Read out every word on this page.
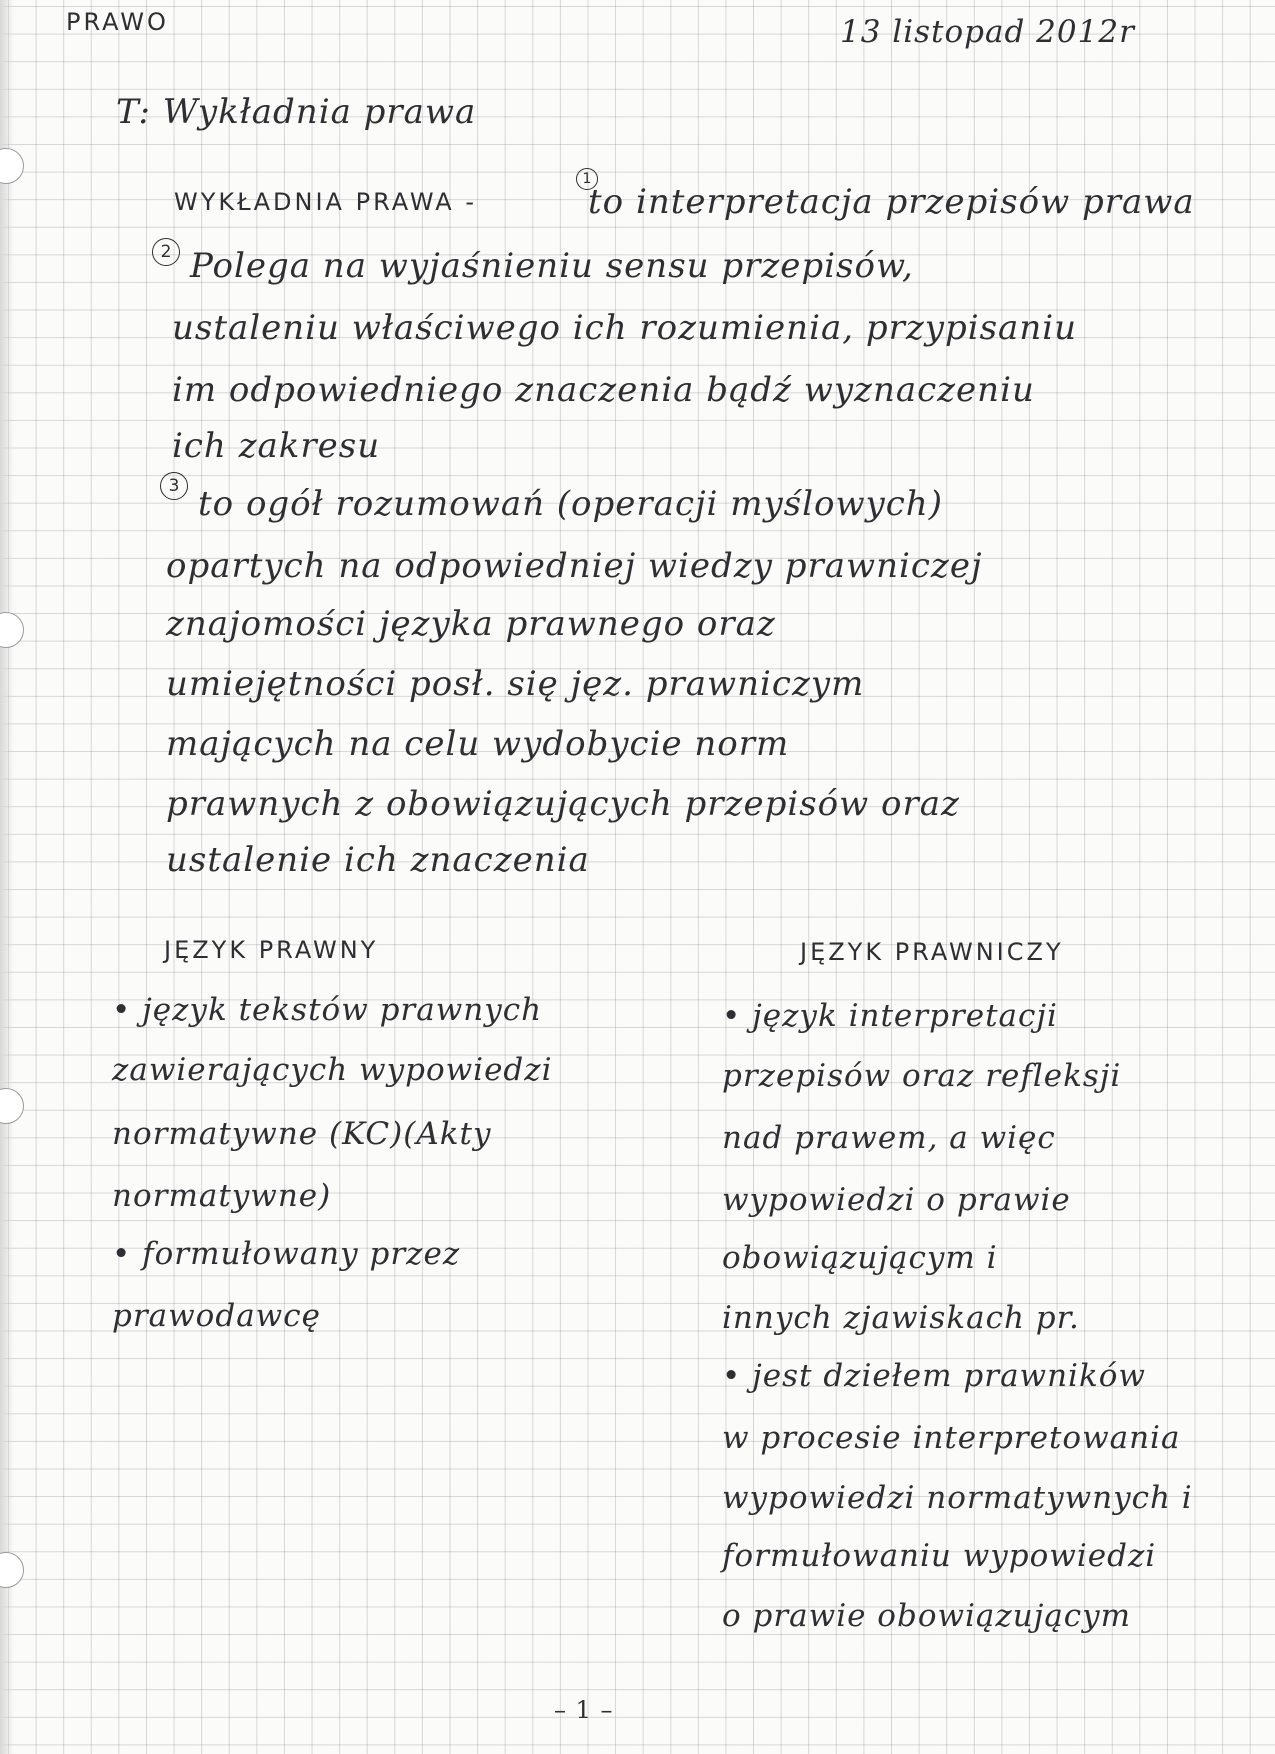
PRAWO	13 listopad 2012r
T: Wykładnia prawa
1
WYKŁADNIA PRAWA -	to interpretacja przepisów prawa
2 Polega na wyjaśnieniu sensu przepisów,
ustaleniu właściwego ich rozumienia, przypisaniu
im odpowiedniego znaczenia bądź wyznaczeniu
ich zakresu
3 to ogół rozumowań (operacji myślowych)
opartych na odpowiedniej wiedzy prawniczej
znajomości języka prawnego oraz
umiejętności posł. się jęz. prawniczym
mających na celu wydobycie norm
prawnych z obowiązujących przepisów oraz
ustalenie ich znaczenia
JĘZYK PRAWNY
• język tekstów prawnych
zawierających wypowiedzi
normatywne (KC)(Akty
normatywne)
• formułowany przez
prawodawcę
JĘZYK PRAWNICZY
• język interpretacji
przepisów oraz refleksji
nad prawem, a więc
wypowiedzi o prawie
obowiązującym i
innych zjawiskach pr.
• jest dziełem prawników
w procesie interpretowania
wypowiedzi normatywnych i
formułowaniu wypowiedzi
o prawie obowiązującym
– 1 –
